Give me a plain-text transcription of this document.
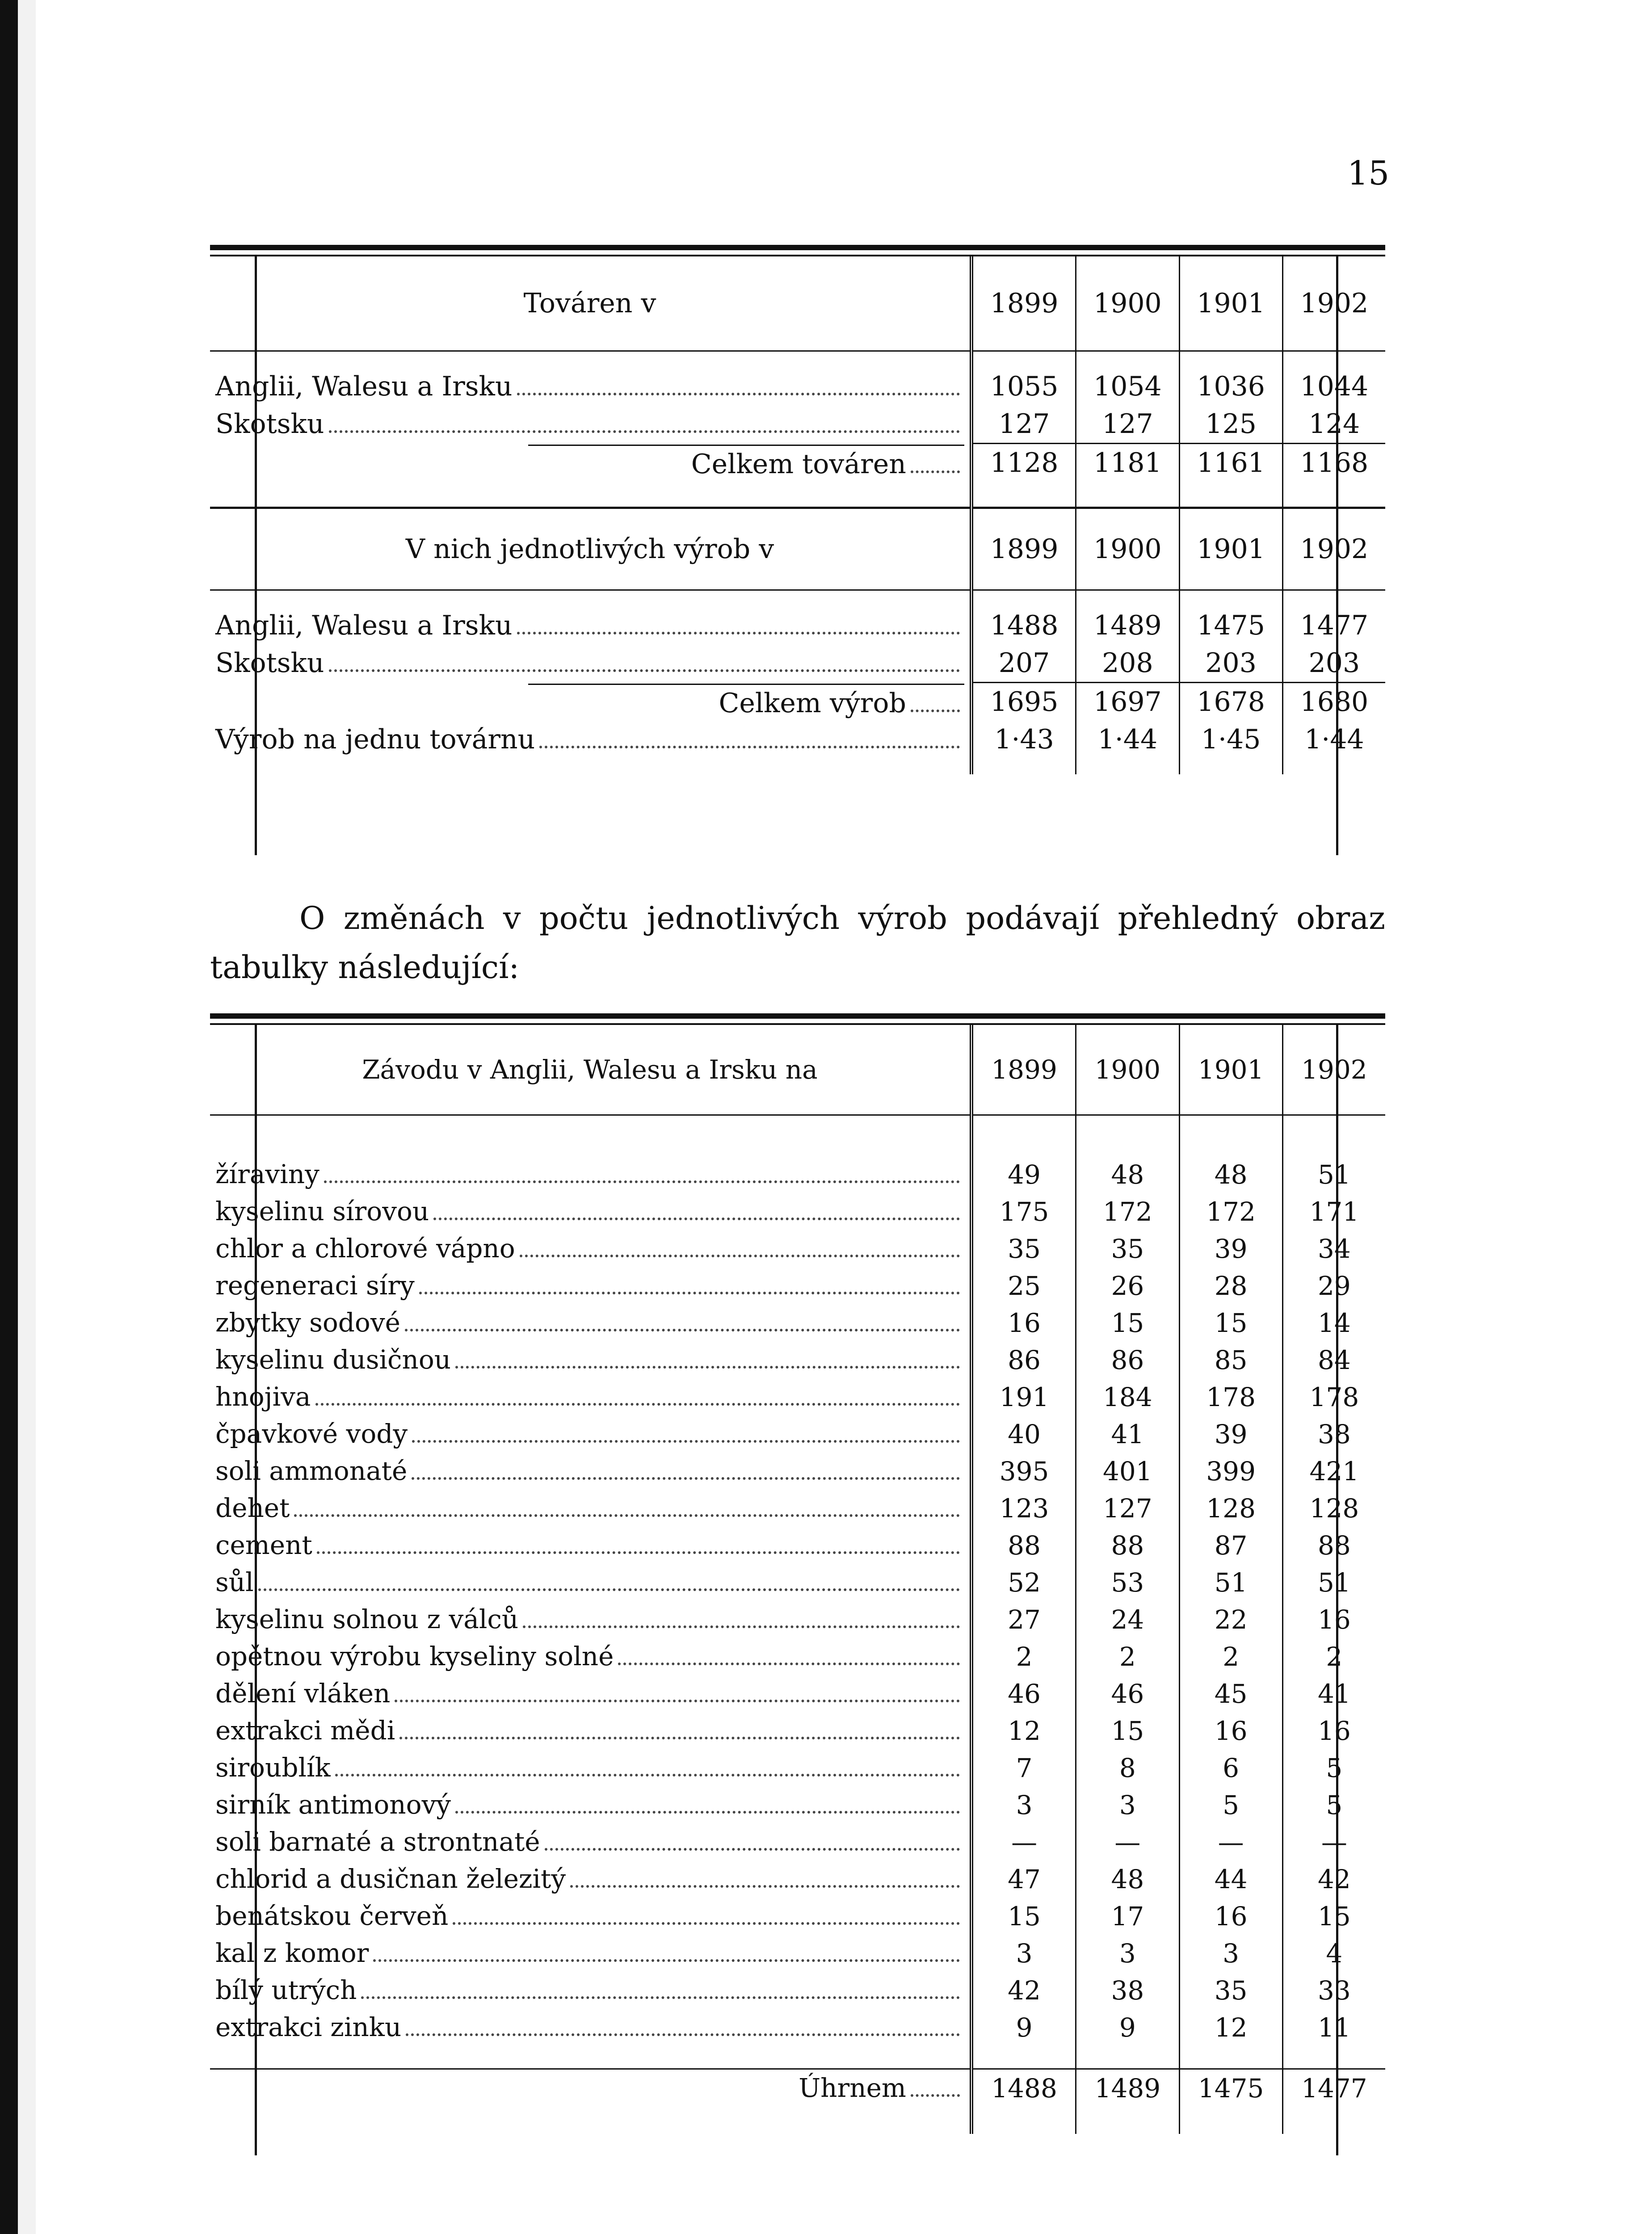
15
Továren v	1899	1900	1901	1902

Anglii, Walesu a Irsku	1055	1054	1036	1044

Skotsku	127	127	125	124

Celkem továren	1128	1181	1161	1168

V nich jednotlivých výrob v	1899	1900	1901	1902

Anglii, Walesu a Irsku	1488	1489	1475	1477

Skotsku	207	208	203	203

Celkem výrob	1695	1697	1678	1680

Výrob na jednu továrnu	1·43	1·44	1·45	1·44

O změnách v počtu jednotlivých výrob podávají přehledný obraz tabulky následující:

Závodu v Anglii, Walesu a Irsku na	1899	1900	1901	1902

žíraviny	49	48	48	51

kyselinu sírovou	175	172	172	171

chlor a chlorové vápno	35	35	39	34

regeneraci síry	25	26	28	29

zbytky sodové	16	15	15	14

kyselinu dusičnou	86	86	85	84

hnojiva	191	184	178	178

čpavkové vody	40	41	39	38

soli ammonaté	395	401	399	421

dehet	123	127	128	128

cement	88	88	87	88

sůl	52	53	51	51

kyselinu solnou z válců	27	24	22	16

opětnou výrobu kyseliny solné	2	2	2	2

dělení vláken	46	46	45	41

extrakci mědi	12	15	16	16

siroublík	7	8	6	5

sirník antimonový	3	3	5	5

soli barnaté a strontnaté	—	—	—	—

chlorid a dusičnan železitý	47	48	44	42

benátskou červeň	15	17	16	15

kal z komor	3	3	3	4

bílý utrých	42	38	35	33

extrakci zinku	9	9	12	11

Úhrnem	1488	1489	1475	1477
